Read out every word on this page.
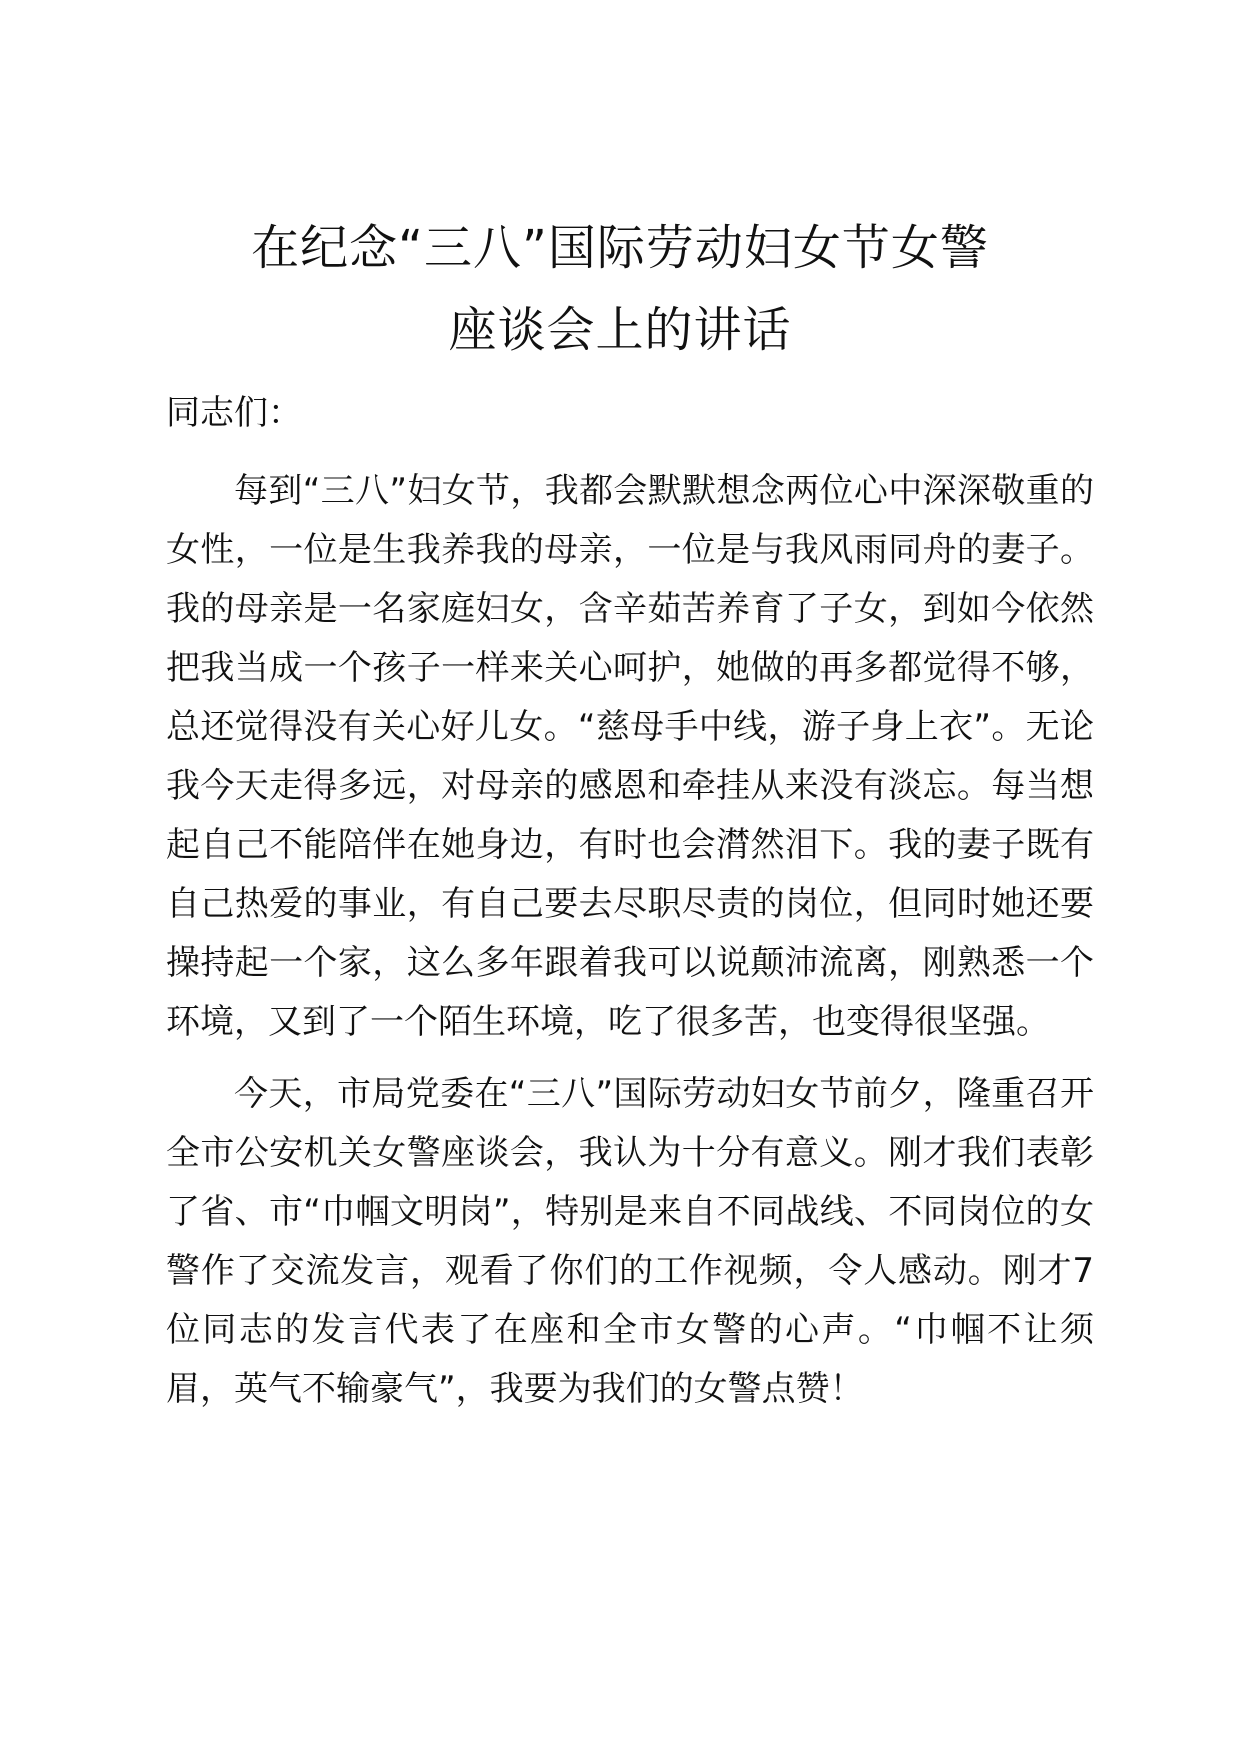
在纪念“三八”国际劳动妇女节女警
座谈会上的讲话

同志们：

每到“三八”妇女节，我都会默默想念两位心中深深敬重的女性，一位是生我养我的母亲，一位是与我风雨同舟的妻子。我的母亲是一名家庭妇女，含辛茹苦养育了子女，到如今依然把我当成一个孩子一样来关心呵护，她做的再多都觉得不够，总还觉得没有关心好儿女。“慈母手中线，游子身上衣”。无论我今天走得多远，对母亲的感恩和牵挂从来没有淡忘。每当想起自己不能陪伴在她身边，有时也会潸然泪下。我的妻子既有自己热爱的事业，有自己要去尽职尽责的岗位，但同时她还要操持起一个家，这么多年跟着我可以说颠沛流离，刚熟悉一个环境，又到了一个陌生环境，吃了很多苦，也变得很坚强。

今天，市局党委在“三八”国际劳动妇女节前夕，隆重召开全市公安机关女警座谈会，我认为十分有意义。刚才我们表彰了省、市“巾帼文明岗”，特别是来自不同战线、不同岗位的女警作了交流发言，观看了你们的工作视频，令人感动。刚才7位同志的发言代表了在座和全市女警的心声。“巾帼不让须眉，英气不输豪气”，我要为我们的女警点赞！
